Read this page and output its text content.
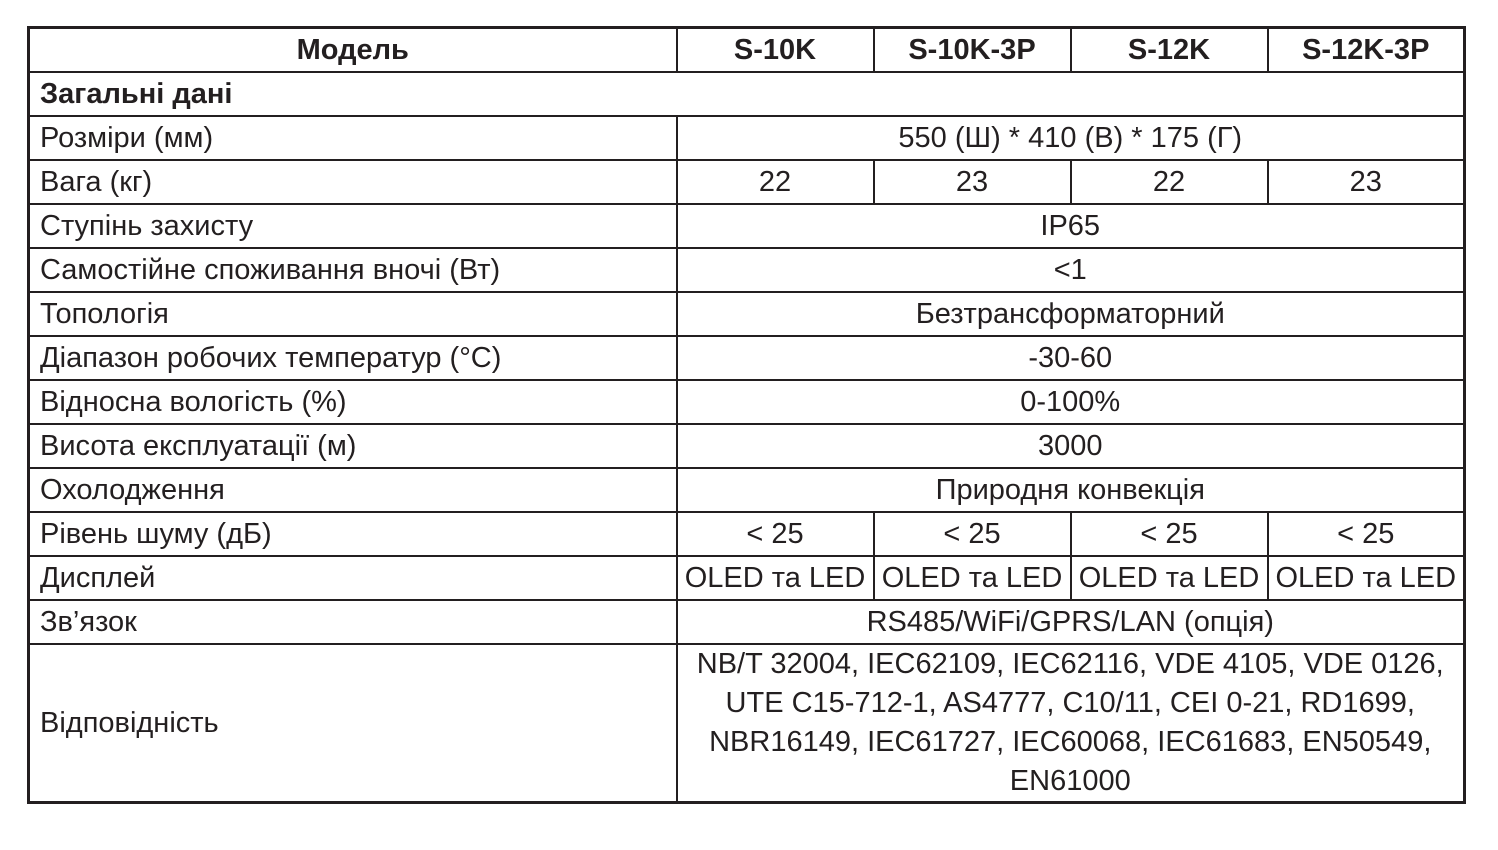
Модель	S-10K	S-10K-3P	S-12K	S-12K-3P
Загальні дані				
Розміри (мм)	550 (Ш) * 410 (В) * 175 (Г)			
Вага (кг)	22	23	22	23
Ступінь захисту	IP65			
Самостійне споживання вночі (Вт)	<1			
Топологія	Безтрансформаторний			
Діапазон робочих температур (°C)	-30-60			
Відносна вологість (%)	0-100%			
Висота експлуатації (м)	3000			
Охолодження	Природня конвекція			
Рівень шуму (дБ)	< 25	< 25	< 25	< 25
Дисплей	OLED та LED	OLED та LED	OLED та LED	OLED та LED
Зв’язок	RS485/WiFi/GPRS/LAN (опція)			
Відповідність	NB/T 32004, IEC62109, IEC62116, VDE 4105, VDE 0126, UTE C15-712-1, AS4777, C10/11, CEI 0-21, RD1699, NBR16149, IEC61727, IEC60068, IEC61683, EN50549, EN61000			
